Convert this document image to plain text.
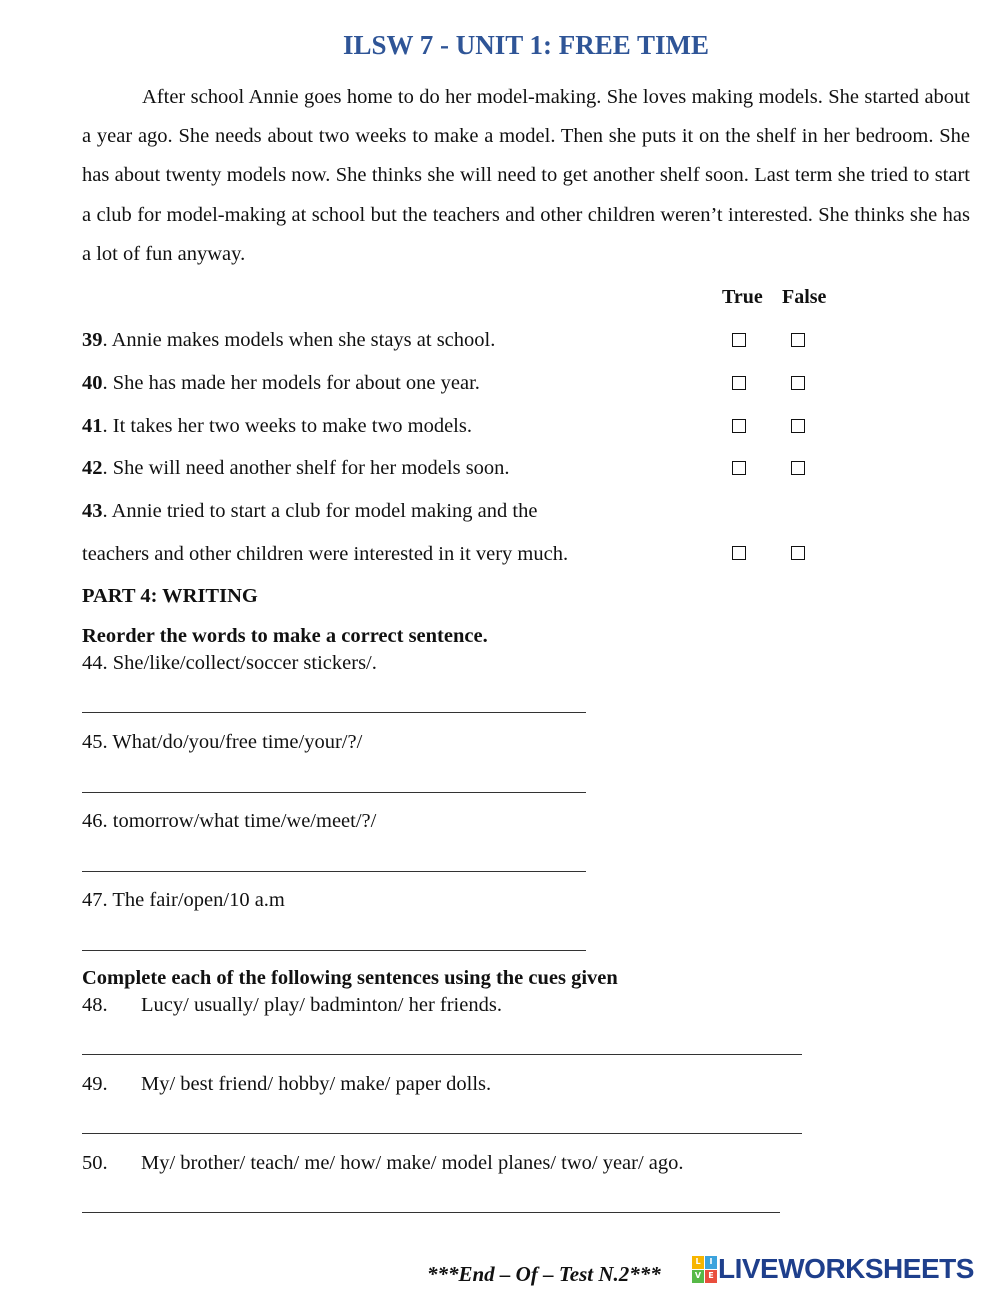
ILSW 7 - UNIT 1: FREE TIME
After school Annie goes home to do her model-making. She loves making models. She started about a year ago. She needs about two weeks to make a model. Then she puts it on the shelf in her bedroom. She has about twenty models now. She thinks she will need to get another shelf soon. Last term she tried to start a club for model-making at school but the teachers and other children weren’t interested. She thinks she has a lot of fun anyway.
True False
39. Annie makes models when she stays at school.
40. She has made her models for about one year.
41. It takes her two weeks to make two models.
42. She will need another shelf for her models soon.
43. Annie tried to start a club for model making and the
teachers and other children were interested in it very much.
PART 4: WRITING
Reorder the words to make a correct sentence.
44. She/like/collect/soccer stickers/.
45. What/do/you/free time/your/?/
46. tomorrow/what time/we/meet/?/
47. The fair/open/10 a.m
Complete each of the following sentences using the cues given
48. Lucy/ usually/ play/ badminton/ her friends.
49. My/ best friend/ hobby/ make/ paper dolls.
50. My/ brother/ teach/ me/ how/ make/ model planes/ two/ year/ ago.
***End – Of – Test N.2***
L	I
V E LIVEWORKSHEETS
